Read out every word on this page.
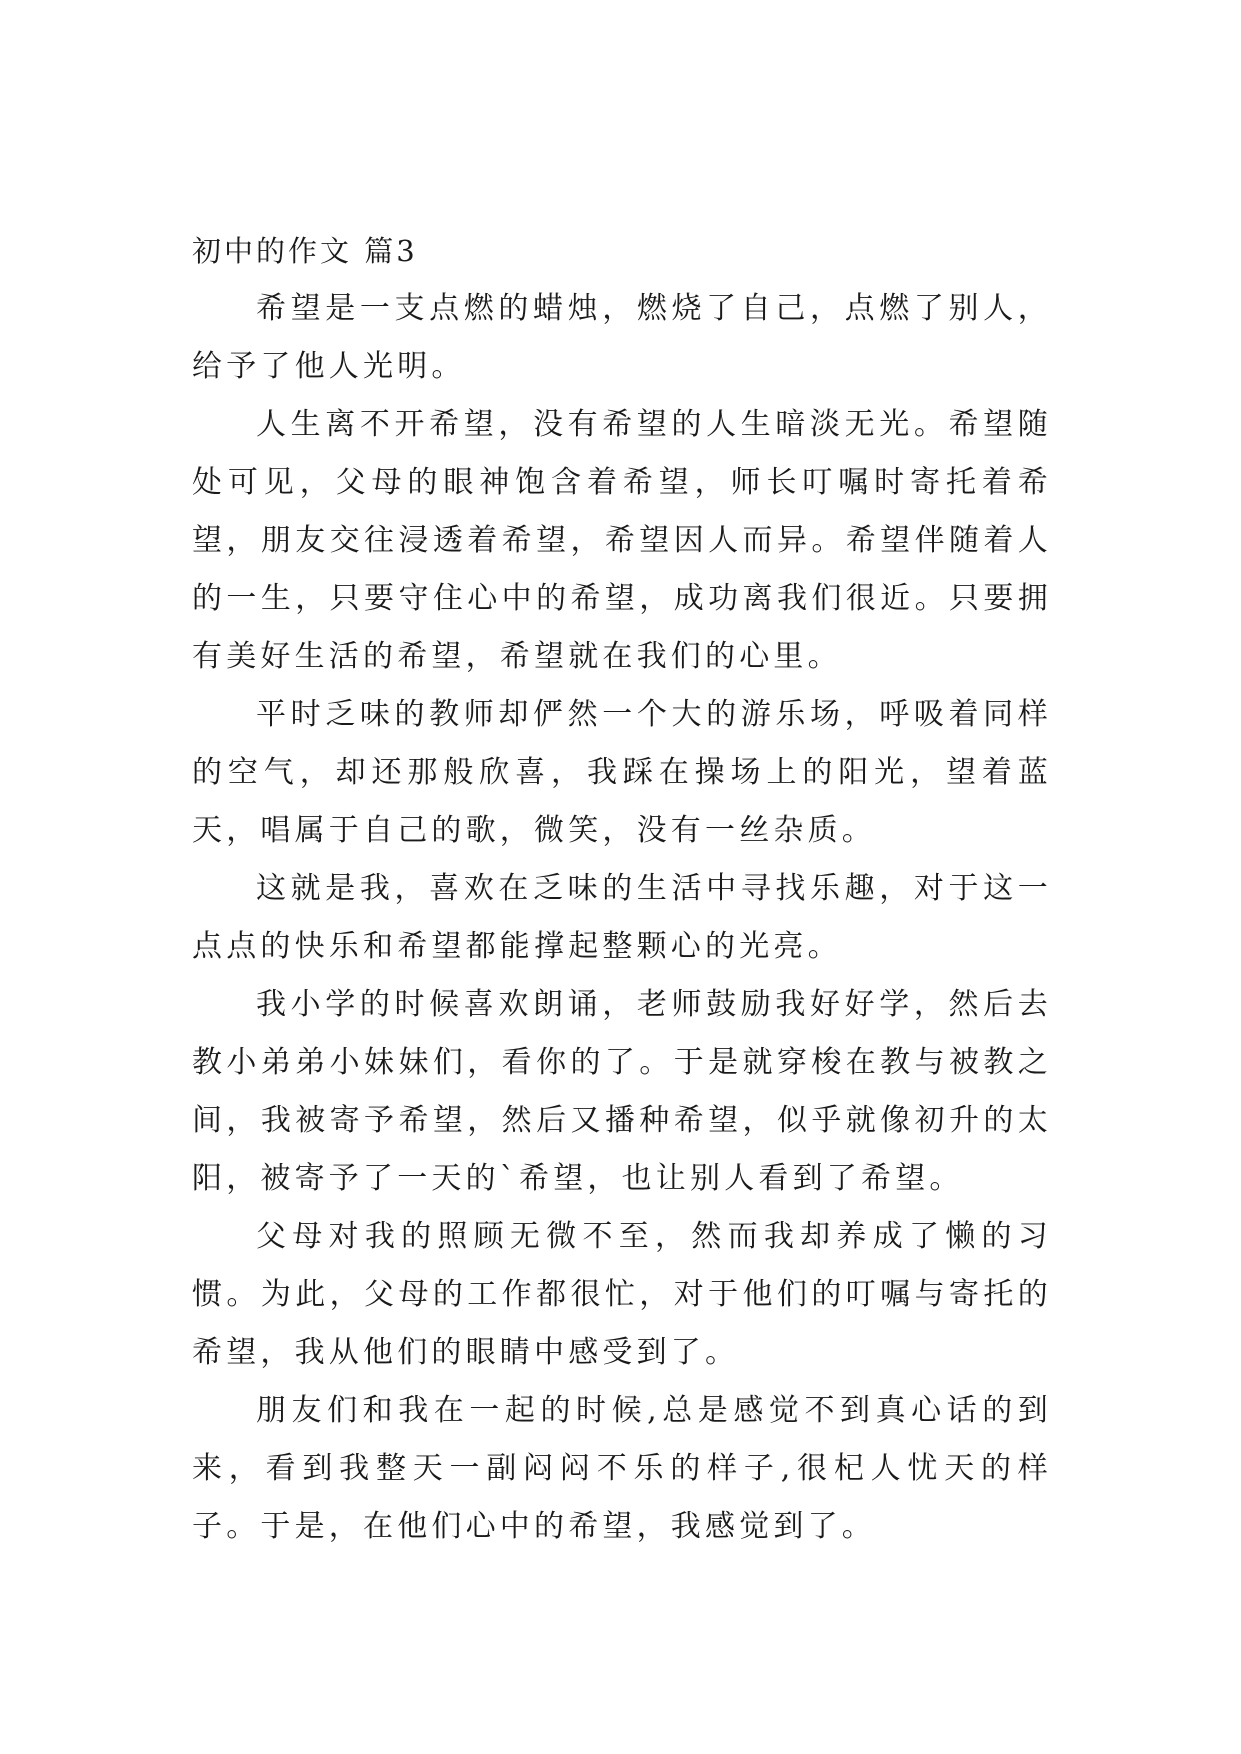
初中的作文 篇3

希望是一支点燃的蜡烛，燃烧了自己，点燃了别人，给予了他人光明。

人生离不开希望，没有希望的人生暗淡无光。希望随处可见，父母的眼神饱含着希望，师长叮嘱时寄托着希望，朋友交往浸透着希望，希望因人而异。希望伴随着人的一生，只要守住心中的希望，成功离我们很近。只要拥有美好生活的希望，希望就在我们的心里。

平时乏味的教师却俨然一个大的游乐场，呼吸着同样的空气，却还那般欣喜，我踩在操场上的阳光，望着蓝天，唱属于自己的歌，微笑，没有一丝杂质。

这就是我，喜欢在乏味的生活中寻找乐趣，对于这一点点的快乐和希望都能撑起整颗心的光亮。

我小学的时候喜欢朗诵，老师鼓励我好好学，然后去教小弟弟小妹妹们，看你的了。于是就穿梭在教与被教之间，我被寄予希望，然后又播种希望，似乎就像初升的太阳，被寄予了一天的`希望，也让别人看到了希望。

父母对我的照顾无微不至，然而我却养成了懒的习惯。为此，父母的工作都很忙，对于他们的叮嘱与寄托的希望，我从他们的眼睛中感受到了。

朋友们和我在一起的时候,总是感觉不到真心话的到来，看到我整天一副闷闷不乐的样子,很杞人忧天的样子。于是，在他们心中的希望，我感觉到了。
